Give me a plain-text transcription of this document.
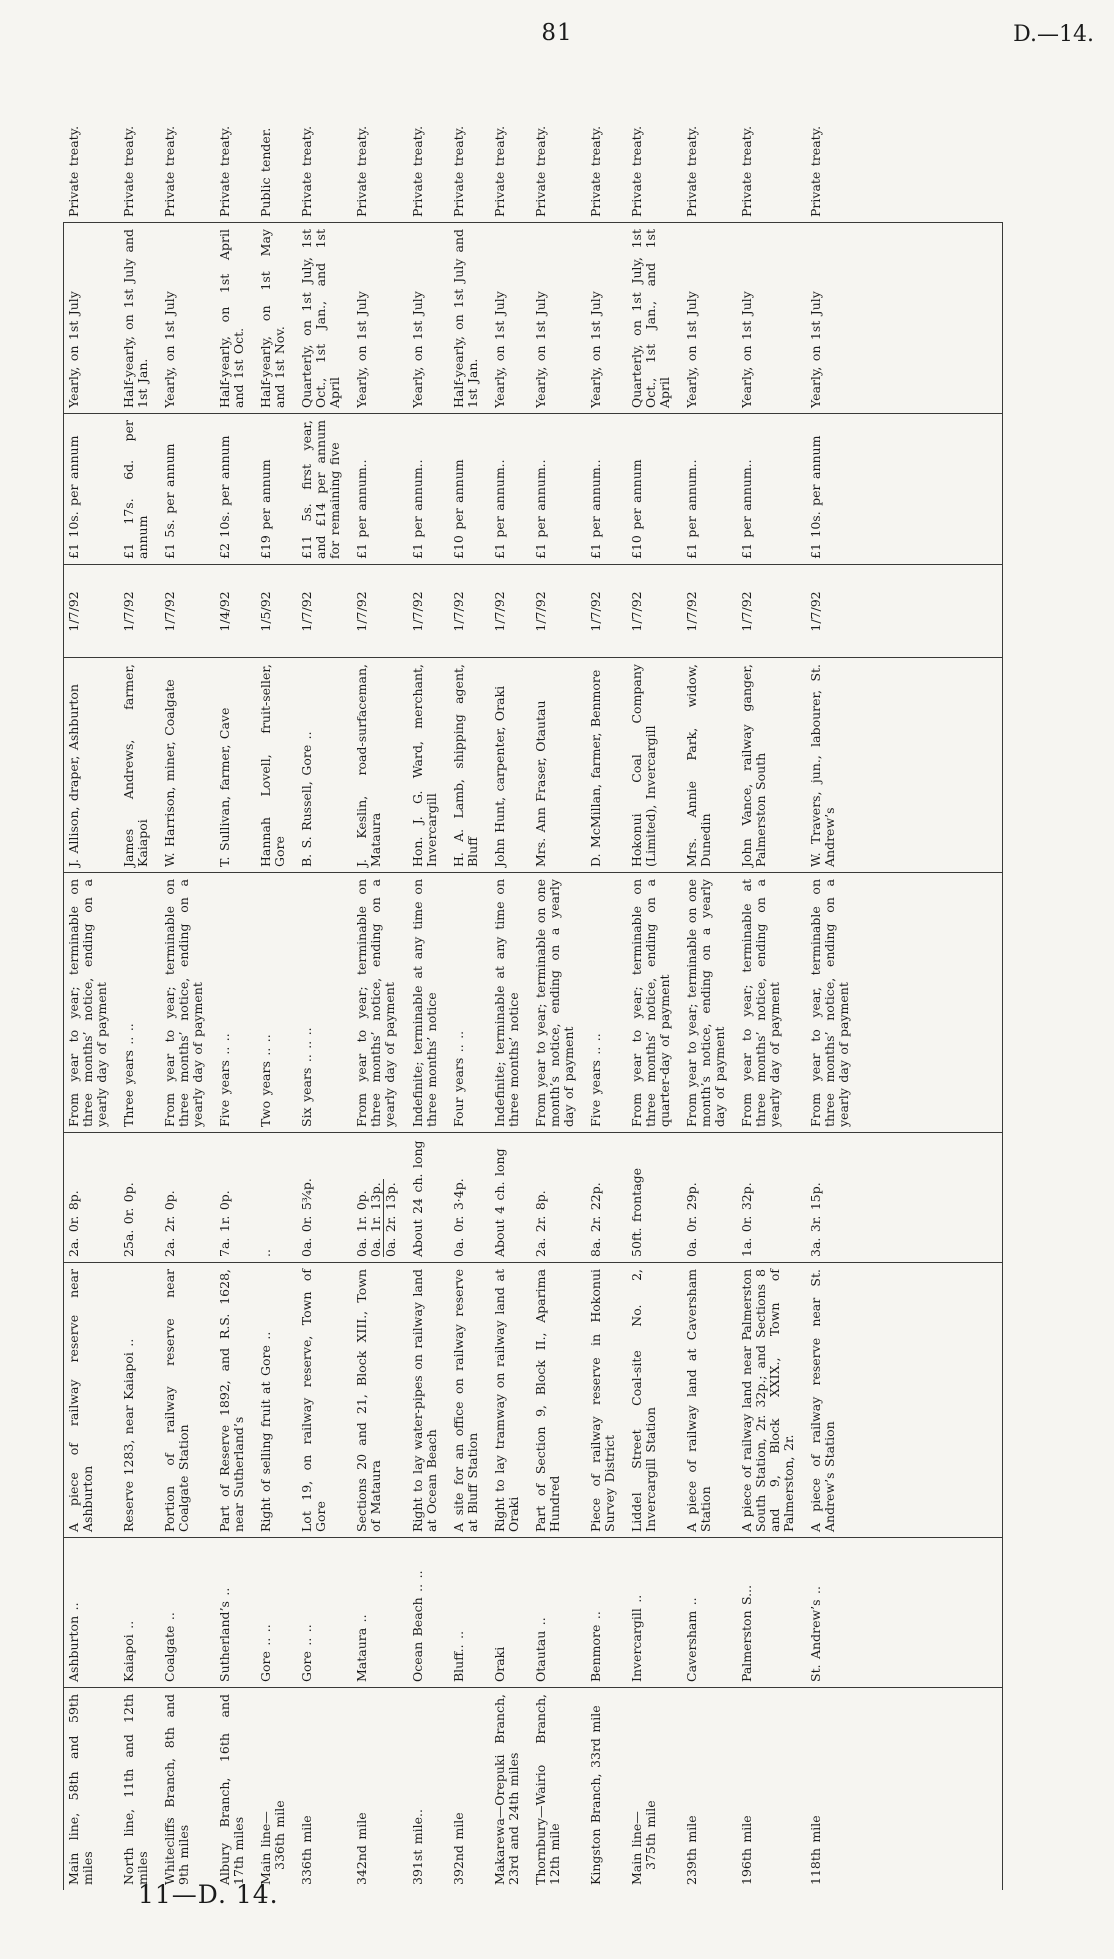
81	D.—14.
Main line, 58th and 59th miles
Ashburton ..
A piece of railway reserve near Ashburton
2a. 0r. 8p.
From year to year; terminable on three months’ notice, ending on a yearly day of payment
J. Allison, draper, Ashburton
1/7/92
£1 10s. per annum
Yearly, on 1st July
Private treaty.
North line, 11th and 12th miles
Kaiapoi ..
Reserve 1283, near Kaiapoi ..
25a. 0r. 0p.
Three years .. ..
James Andrews, farmer, Kaiapoi
1/7/92
£1 17s. 6d. per annum
Half-yearly, on 1st July and 1st Jan.
Private treaty.
Whitecliffs Branch, 8th and 9th miles
Coalgate ..
Portion of railway reserve near Coalgate Station
2a. 2r. 0p.
From year to year; terminable on three months’ notice, ending on a yearly day of payment
W. Harrison, miner, Coalgate
1/7/92
£1 5s. per annum
Yearly, on 1st July
Private treaty.
Albury Branch, 16th and 17th miles
Sutherland’s ..
Part of Reserve 1892, and R.S. 1628, near Sutherland’s
7a. 1r. 0p.
Five years .. ..
T. Sullivan, farmer, Cave
1/4/92
£2 10s. per annum
Half-yearly, on 1st April and 1st Oct.
Private treaty.
Main line— 336th mile
Gore .. ..
Right of selling fruit at Gore ..
..
Two years .. ..
Hannah Lovell, fruit-seller, Gore
1/5/92
£19 per annum
Half-yearly, on 1st May and 1st Nov.
Public tender.
336th mile
Gore .. ..
Lot 19, on railway reserve, Town of Gore
0a. 0r. 5¾p.
Six years .. .. ..
B. S. Russell, Gore ..
1/7/92
£11 5s. first year, and £14 per annum for remaining five
Quarterly, on 1st July, 1st Oct., 1st Jan., and 1st April
Private treaty.
342nd mile
Mataura ..
Sections 20 and 21, Block XIII., Town of Mataura
0a. 1r. 0p. 0a. 1r. 13p. 0a. 2r. 13p.
From year to year; terminable on three months’ notice, ending on a yearly day of payment
J. Keslin, road-surfaceman, Mataura
1/7/92
£1 per annum..
Yearly, on 1st July
Private treaty.
391st mile..
Ocean Beach .. ..
Right to lay water-pipes on railway land at Ocean Beach
About 24 ch. long
Indefinite; terminable at any time on three months’ notice
Hon. J. G. Ward, merchant, Invercargill
1/7/92
£1 per annum..
Yearly, on 1st July
Private treaty.
392nd mile
Bluff.. ..
A site for an office on railway reserve at Bluff Station
0a. 0r. 3·4p.
Four years .. ..
H. A. Lamb, shipping agent, Bluff
1/7/92
£10 per annum
Half-yearly, on 1st July and 1st Jan.
Private treaty.
Makarewa—Orepuki Branch, 23rd and 24th miles
Oraki
Right to lay tramway on railway land at Oraki
About 4 ch. long
Indefinite; terminable at any time on three months’ notice
John Hunt, carpenter, Oraki
1/7/92
£1 per annum..
Yearly, on 1st July
Private treaty.
Thornbury—Wairio Branch, 12th mile
Otautau ..
Part of Section 9, Block II., Aparima Hundred
2a. 2r. 8p.
From year to year; terminable on one month’s notice, ending on a yearly day of payment
Mrs. Ann Fraser, Otautau
1/7/92
£1 per annum..
Yearly, on 1st July
Private treaty.
Kingston Branch, 33rd mile
Benmore ..
Piece of railway reserve in Hokonui Survey District
8a. 2r. 22p.
Five years .. ..
D. McMillan, farmer, Benmore
1/7/92
£1 per annum..
Yearly, on 1st July
Private treaty.
Main line— 375th mile
Invercargill ..
Liddel Street Coal-site No. 2, Invercargill Station
50ft. frontage
From year to year; terminable on three months’ notice, ending on a quarter-day of payment
Hokonui Coal Company (Limited), Invercargill
1/7/92
£10 per annum
Quarterly, on 1st July, 1st Oct., 1st Jan., and 1st April
Private treaty.
239th mile
Caversham ..
A piece of railway land at Caversham Station
0a. 0r. 29p.
From year to year; terminable on one month’s notice, ending on a yearly day of payment
Mrs. Annie Park, widow, Dunedin
1/7/92
£1 per annum..
Yearly, on 1st July
Private treaty.
196th mile
Palmerston S...
A piece of railway land near Palmerston South Station, 2r. 32p.; and Sections 8 and 9, Block XXIX., Town of Palmerston, 2r.
1a. 0r. 32p.
From year to year; terminable at three months’ notice, ending on a yearly day of payment
John Vance, railway ganger, Palmerston South
1/7/92
£1 per annum..
Yearly, on 1st July
Private treaty.
118th mile
St. Andrew’s ..
A piece of railway reserve near St. Andrew’s Station
3a. 3r. 15p.
From year to year, terminable on three months’ notice, ending on a yearly day of payment
W. Travers, jun., labourer, St. Andrew’s
1/7/92
£1 10s. per annum
Yearly, on 1st July
Private treaty.
11—D. 14.
